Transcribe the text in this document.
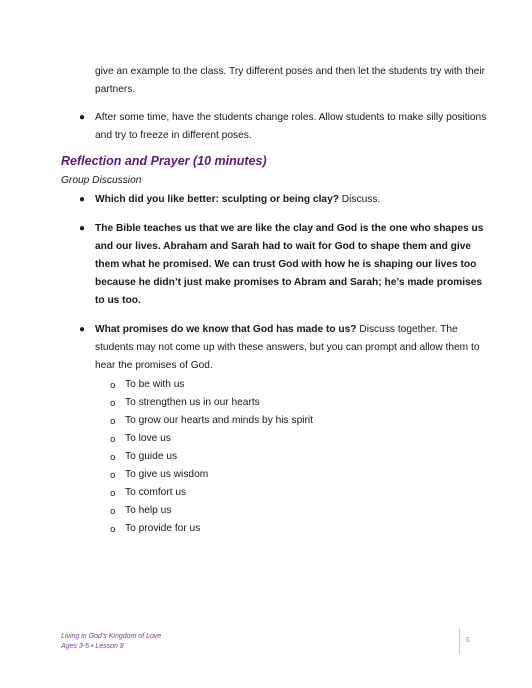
give an example to the class. Try different poses and then let the students try with their
partners.
● After some time, have the students change roles. Allow students to make silly positions
and try to freeze in different poses.
Reflection and Prayer (10 minutes)
Group Discussion
● Which did you like better: sculpting or being clay? Discuss.
● The Bible teaches us that we are like the clay and God is the one who shapes us
and our lives. Abraham and Sarah had to wait for God to shape them and give
them what he promised. We can trust God with how he is shaping our lives too
because he didn’t just make promises to Abram and Sarah; he’s made promises
to us too.
● What promises do we know that God has made to us? Discuss together. The
students may not come up with these answers, but you can prompt and allow them to
hear the promises of God.
o To be with us
o To strengthen us in our hearts
o To grow our hearts and minds by his spirit
o To love us
o To guide us
o To give us wisdom
o To comfort us
o To help us
o To provide for us
Living in God’s Kingdom of Love
Ages 3-5 • Lesson 8
5
